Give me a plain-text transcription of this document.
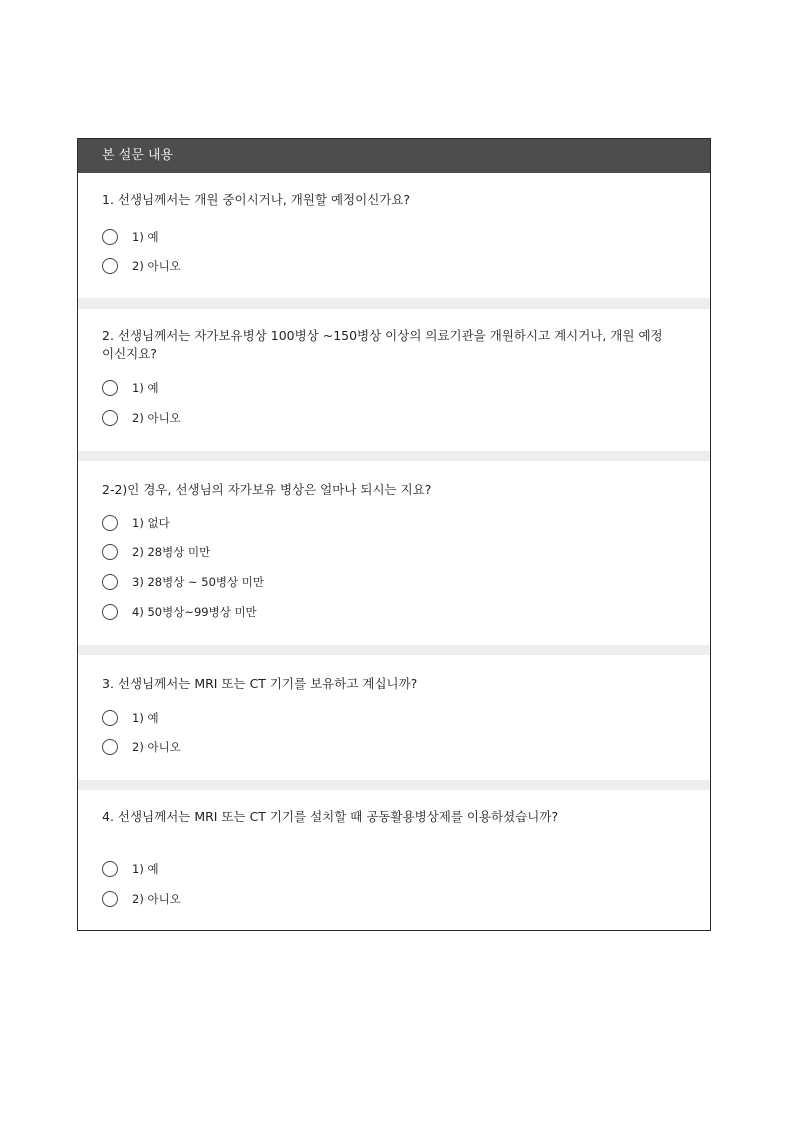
본 설문 내용

1. 선생님께서는 개원 중이시거나, 개원할 예정이신가요?

1) 예
2) 아니오

2. 선생님께서는 자가보유병상 100병상 ~150병상 이상의 의료기관을 개원하시고 계시거나, 개원 예정이신지요?

1) 예
2) 아니오

2-2)인 경우, 선생님의 자가보유 병상은 얼마나 되시는 지요?

1) 없다
2) 28병상 미만
3) 28병상 ~ 50병상 미만
4) 50병상~99병상 미만

3. 선생님께서는 MRI 또는 CT 기기를 보유하고 계십니까?

1) 예
2) 아니오

4. 선생님께서는 MRI 또는 CT 기기를 설치할 때 공동활용병상제를 이용하셨습니까?

1) 예
2) 아니오
